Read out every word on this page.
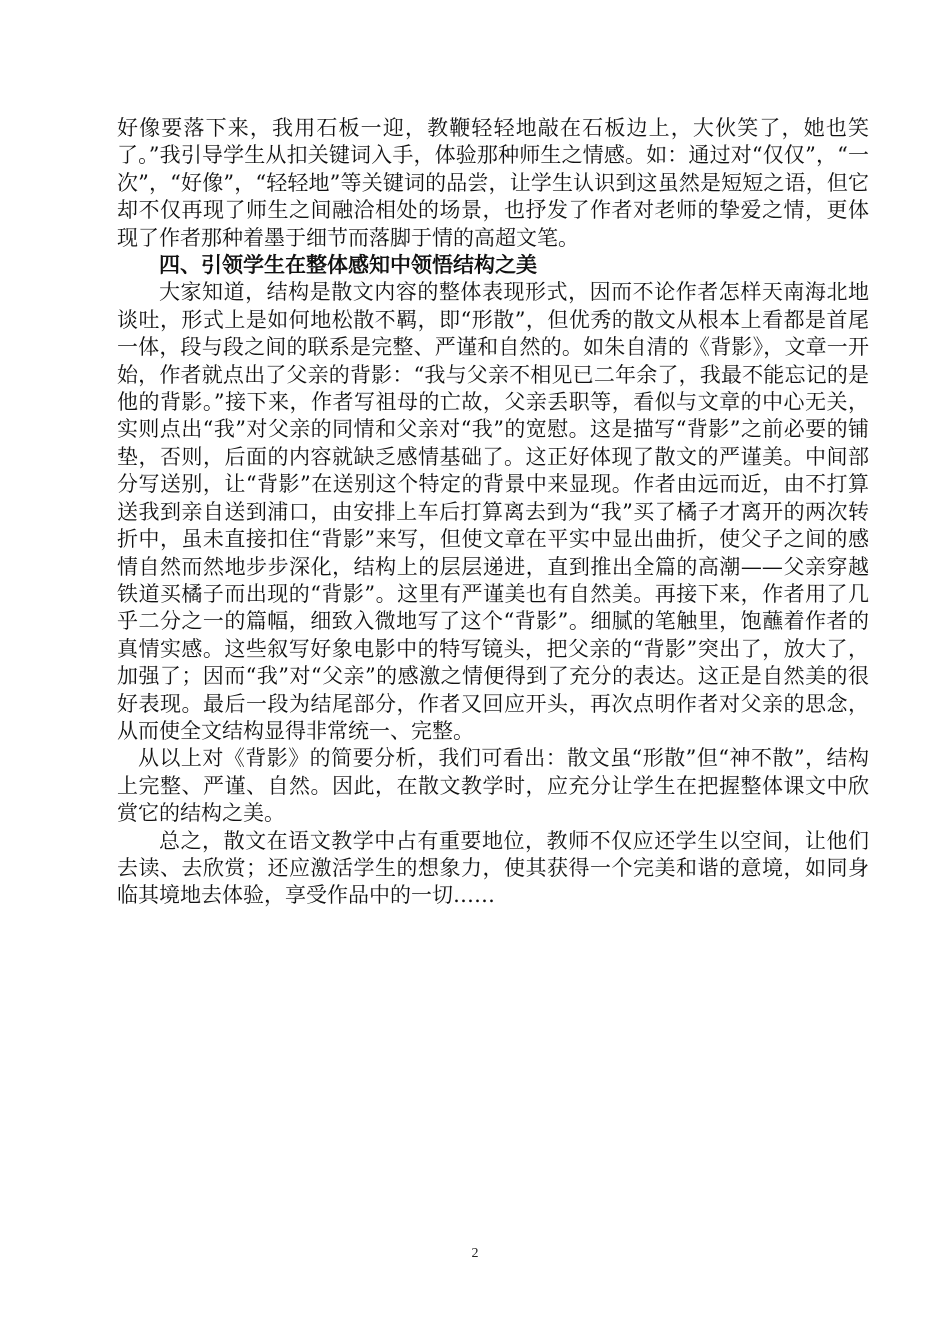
好像要落下来，我用石板一迎，教鞭轻轻地敲在石板边上，大伙笑了，她也笑了。”我引导学生从扣关键词入手，体验那种师生之情感。如：通过对“仅仅”，“一次”，“好像”，“轻轻地”等关键词的品尝，让学生认识到这虽然是短短之语，但它却不仅再现了师生之间融洽相处的场景，也抒发了作者对老师的挚爱之情，更体现了作者那种着墨于细节而落脚于情的高超文笔。

四、引领学生在整体感知中领悟结构之美

大家知道，结构是散文内容的整体表现形式，因而不论作者怎样天南海北地谈吐，形式上是如何地松散不羁，即“形散”，但优秀的散文从根本上看都是首尾一体，段与段之间的联系是完整、严谨和自然的。如朱自清的《背影》，文章一开始，作者就点出了父亲的背影：“我与父亲不相见已二年余了，我最不能忘记的是他的背影。”接下来，作者写祖母的亡故，父亲丢职等，看似与文章的中心无关，实则点出“我”对父亲的同情和父亲对“我”的宽慰。这是描写“背影”之前必要的铺垫，否则，后面的内容就缺乏感情基础了。这正好体现了散文的严谨美。中间部分写送别，让“背影”在送别这个特定的背景中来显现。作者由远而近，由不打算送我到亲自送到浦口，由安排上车后打算离去到为“我”买了橘子才离开的两次转折中，虽未直接扣住“背影”来写，但使文章在平实中显出曲折，使父子之间的感情自然而然地步步深化，结构上的层层递进，直到推出全篇的高潮——父亲穿越铁道买橘子而出现的“背影”。这里有严谨美也有自然美。再接下来，作者用了几乎二分之一的篇幅，细致入微地写了这个“背影”。细腻的笔触里，饱蘸着作者的真情实感。这些叙写好象电影中的特写镜头，把父亲的“背影”突出了，放大了，加强了；因而“我”对“父亲”的感激之情便得到了充分的表达。这正是自然美的很好表现。最后一段为结尾部分，作者又回应开头，再次点明作者对父亲的思念，从而使全文结构显得非常统一、完整。

从以上对《背影》的简要分析，我们可看出：散文虽“形散”但“神不散”，结构上完整、严谨、自然。因此，在散文教学时，应充分让学生在把握整体课文中欣赏它的结构之美。

总之，散文在语文教学中占有重要地位，教师不仅应还学生以空间，让他们去读、去欣赏；还应激活学生的想象力，使其获得一个完美和谐的意境，如同身临其境地去体验，享受作品中的一切……

2
